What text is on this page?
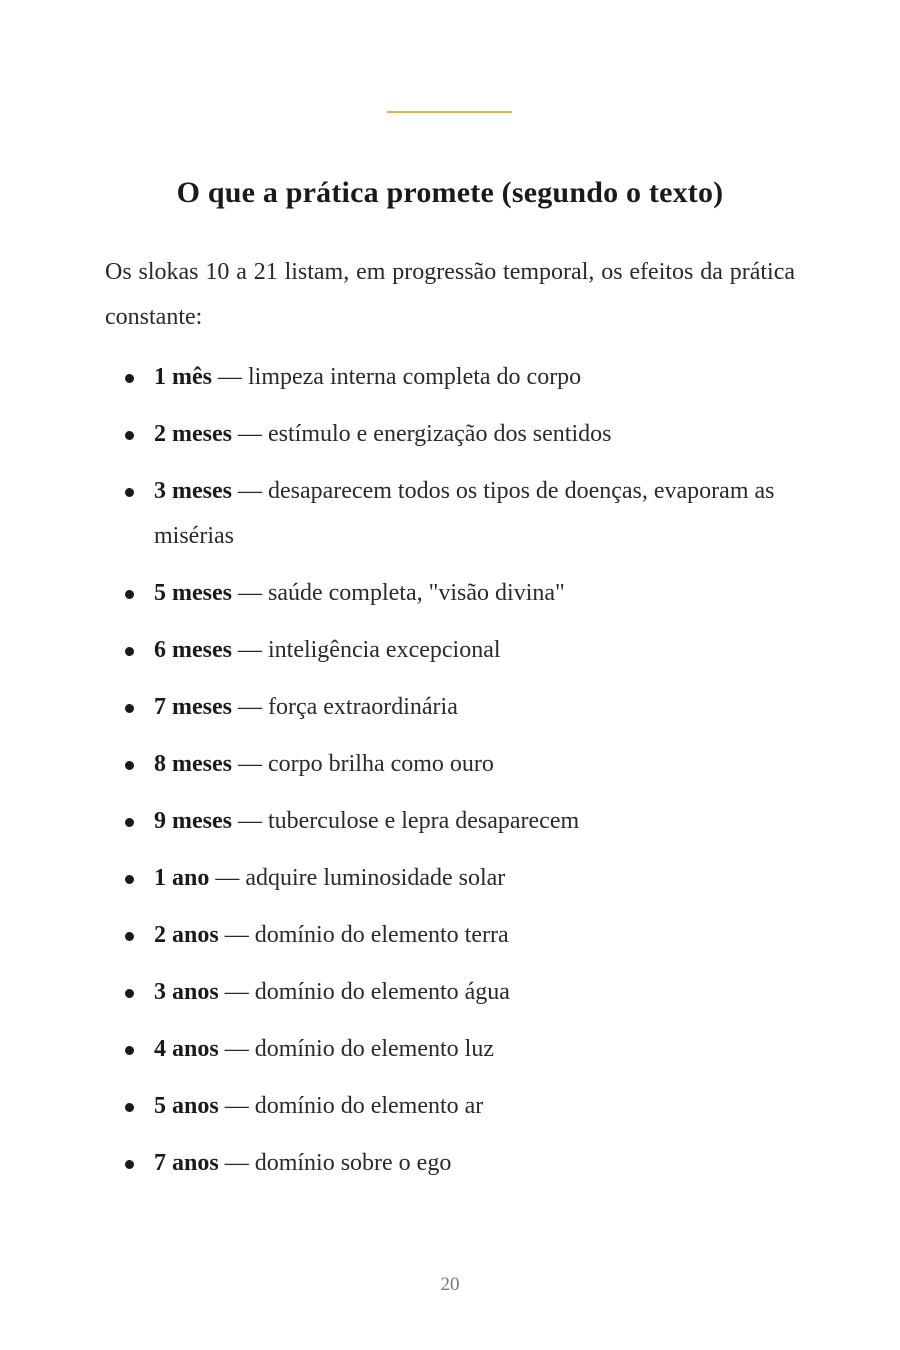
O que a prática promete (segundo o texto)

Os slokas 10 a 21 listam, em progressão temporal, os efeitos da prática constante:

1 mês — limpeza interna completa do corpo
2 meses — estímulo e energização dos sentidos
3 meses — desaparecem todos os tipos de doenças, evaporam as misérias
5 meses — saúde completa, "visão divina"
6 meses — inteligência excepcional
7 meses — força extraordinária
8 meses — corpo brilha como ouro
9 meses — tuberculose e lepra desaparecem
1 ano — adquire luminosidade solar
2 anos — domínio do elemento terra
3 anos — domínio do elemento água
4 anos — domínio do elemento luz
5 anos — domínio do elemento ar
7 anos — domínio sobre o ego
20
